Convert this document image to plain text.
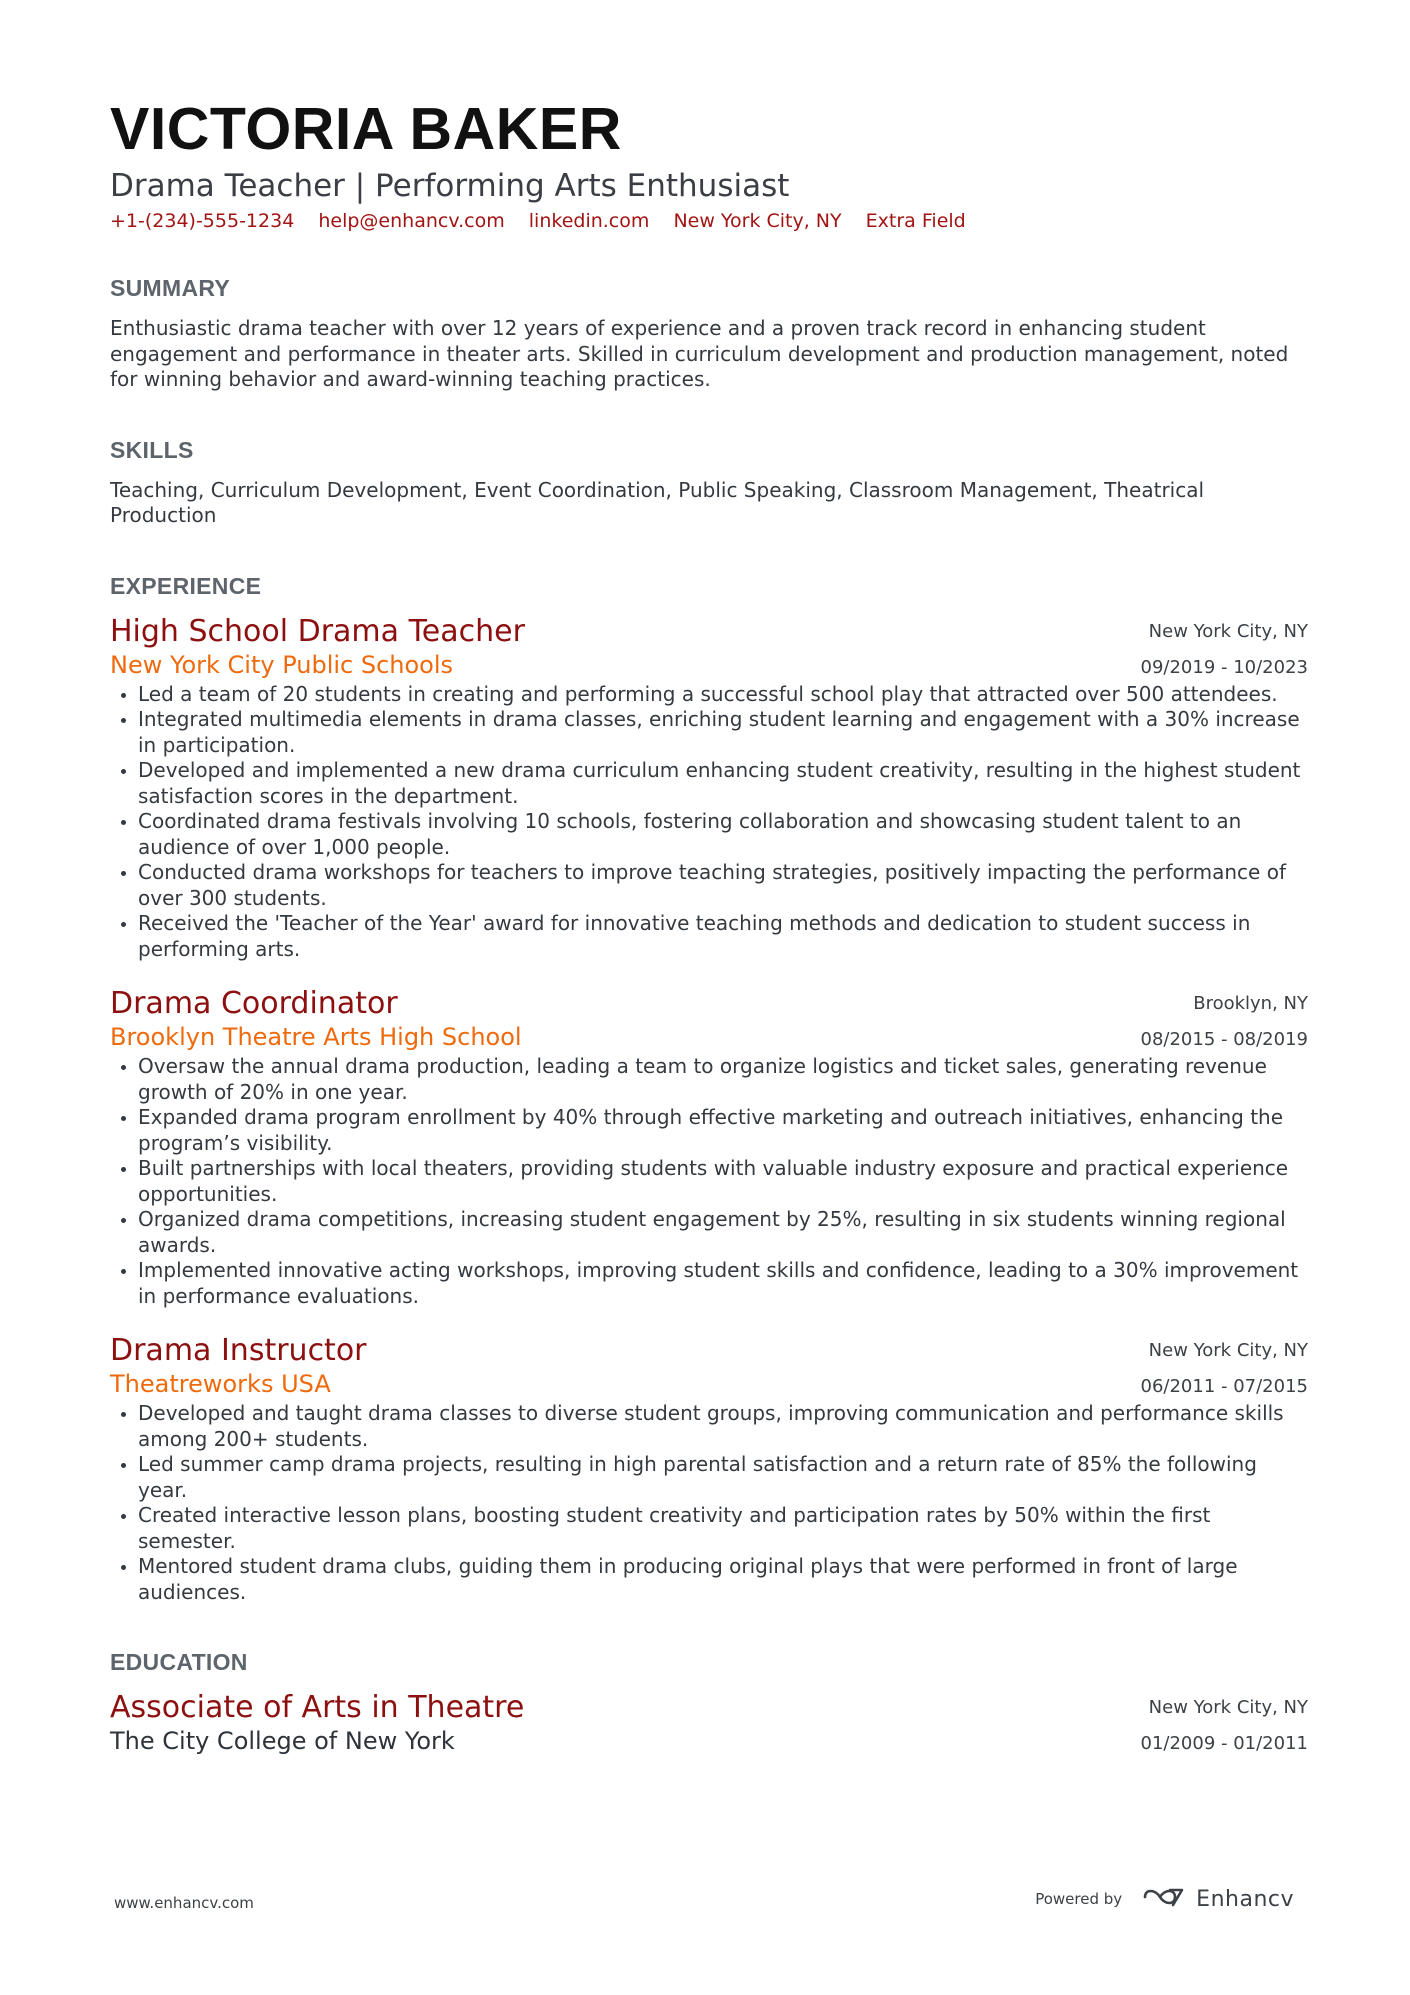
VICTORIA BAKER
Drama Teacher | Performing Arts Enthusiast
+1-(234)-555-1234 help@enhancv.com linkedin.com New York City, NY Extra Field
SUMMARY
Enthusiastic drama teacher with over 12 years of experience and a proven track record in enhancing student engagement and performance in theater arts. Skilled in curriculum development and production management, noted for winning behavior and award-winning teaching practices.
SKILLS
Teaching, Curriculum Development, Event Coordination, Public Speaking, Classroom Management, Theatrical Production
EXPERIENCE
High School Drama Teacher
New York City Public Schools
New York City, NY
09/2019 - 10/2023
• Led a team of 20 students in creating and performing a successful school play that attracted over 500 attendees.
• Integrated multimedia elements in drama classes, enriching student learning and engagement with a 30% increase in participation.
• Developed and implemented a new drama curriculum enhancing student creativity, resulting in the highest student satisfaction scores in the department.
• Coordinated drama festivals involving 10 schools, fostering collaboration and showcasing student talent to an audience of over 1,000 people.
• Conducted drama workshops for teachers to improve teaching strategies, positively impacting the performance of over 300 students.
• Received the 'Teacher of the Year' award for innovative teaching methods and dedication to student success in performing arts.
Drama Coordinator
Brooklyn Theatre Arts High School
Brooklyn, NY
08/2015 - 08/2019
• Oversaw the annual drama production, leading a team to organize logistics and ticket sales, generating revenue growth of 20% in one year.
• Expanded drama program enrollment by 40% through effective marketing and outreach initiatives, enhancing the program’s visibility.
• Built partnerships with local theaters, providing students with valuable industry exposure and practical experience opportunities.
• Organized drama competitions, increasing student engagement by 25%, resulting in six students winning regional awards.
• Implemented innovative acting workshops, improving student skills and confidence, leading to a 30% improvement in performance evaluations.
Drama Instructor
Theatreworks USA
New York City, NY
06/2011 - 07/2015
• Developed and taught drama classes to diverse student groups, improving communication and performance skills among 200+ students.
• Led summer camp drama projects, resulting in high parental satisfaction and a return rate of 85% the following year.
• Created interactive lesson plans, boosting student creativity and participation rates by 50% within the first semester.
• Mentored student drama clubs, guiding them in producing original plays that were performed in front of large audiences.
EDUCATION
Associate of Arts in Theatre
The City College of New York
New York City, NY
01/2009 - 01/2011
www.enhancv.com	Powered by	Enhancv
